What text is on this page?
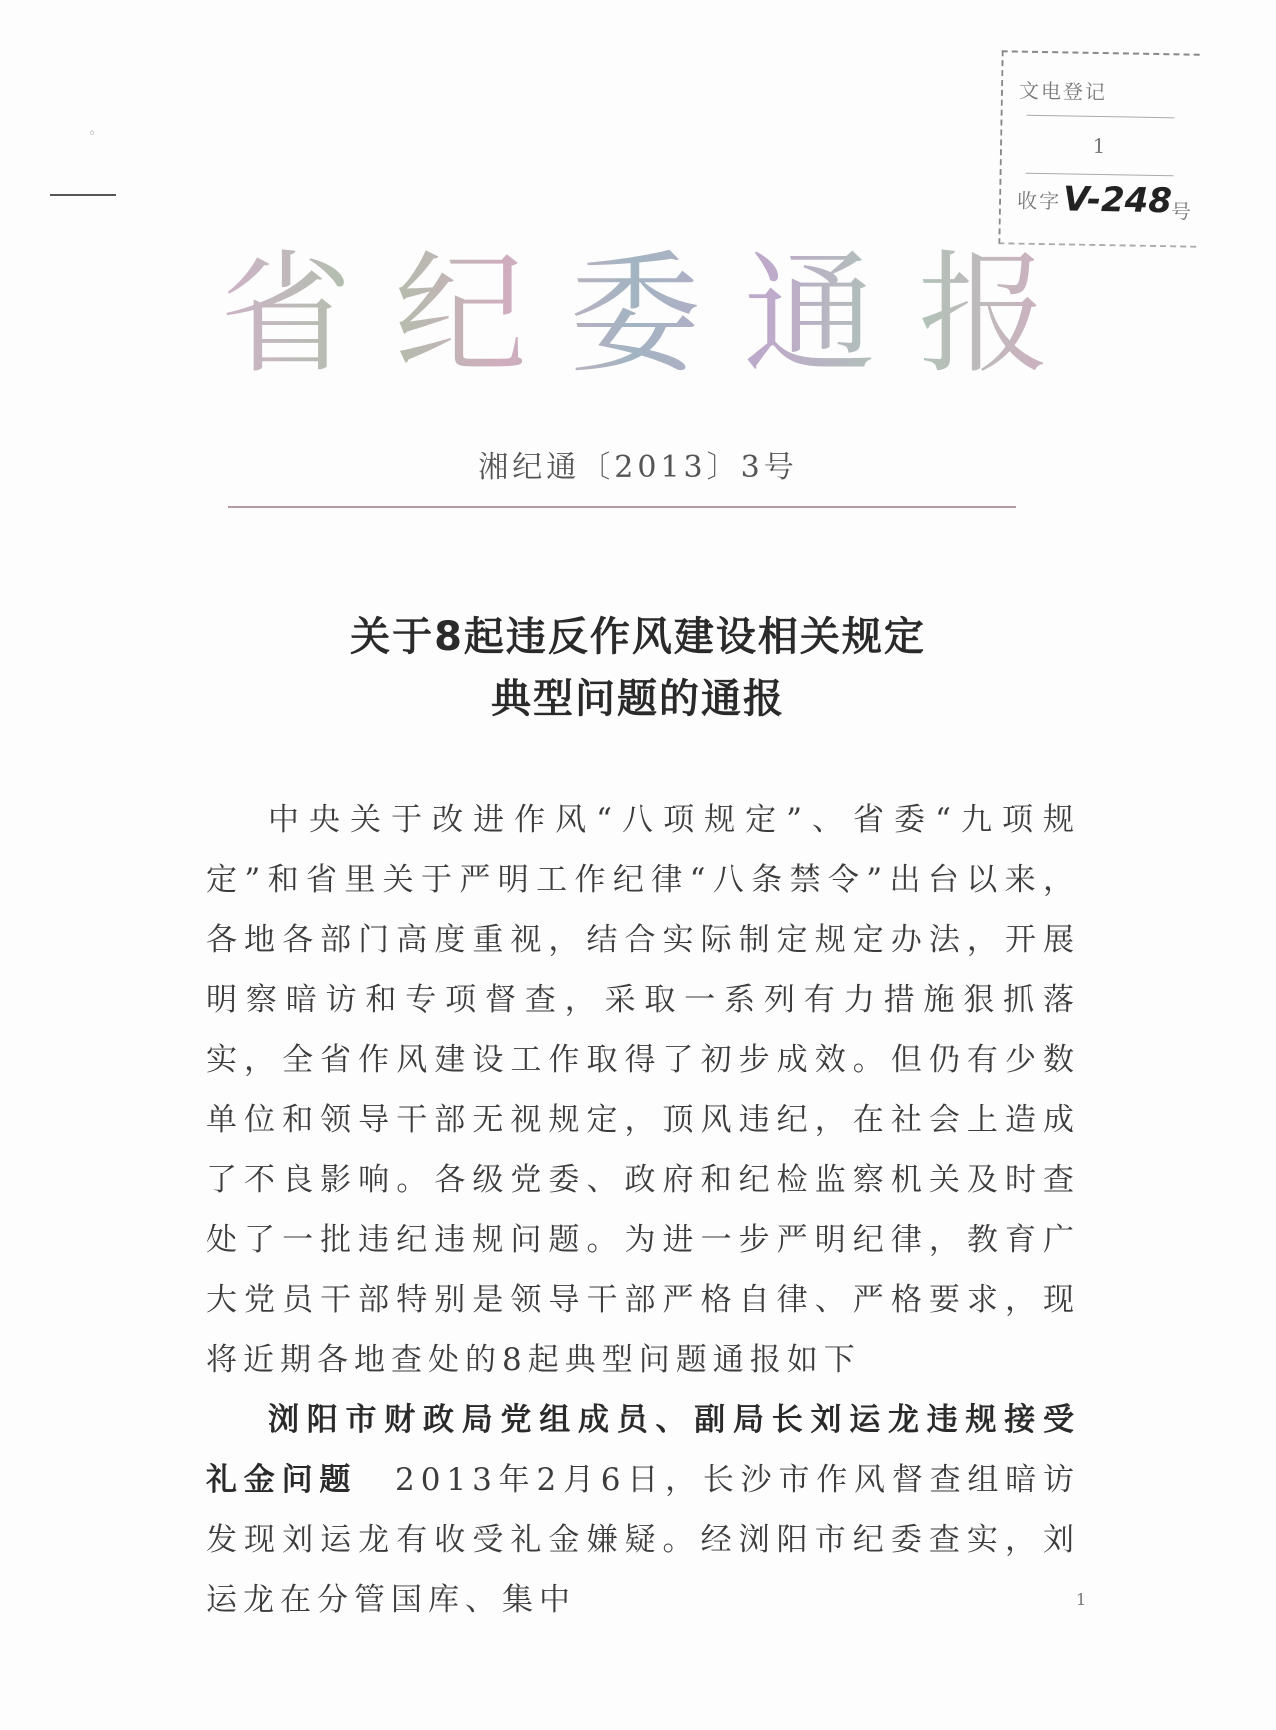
◦
文电登记
1
收字 V-248
号
省 纪 委 通 报
湘纪通〔2013〕3号
关于8起违反作风建设相关规定
典型问题的通报

中央关于改进作风“八项规定”、省委“九项规定”和省里关于严明工作纪律“八条禁令”出台以来，各地各部门高度重视，结合实际制定规定办法，开展明察暗访和专项督查，采取一系列有力措施狠抓落实，全省作风建设工作取得了初步成效。但仍有少数单位和领导干部无视规定，顶风违纪，在社会上造成了不良影响。各级党委、政府和纪检监察机关及时查处了一批违纪违规问题。为进一步严明纪律，教育广大党员干部特别是领导干部严格自律、严格要求，现将近期各地查处的8起典型问题通报如下

浏阳市财政局党组成员、副局长刘运龙违规接受礼金问题　 2013年2月6日，长沙市作风督查组暗访发现刘运龙有收受礼金嫌疑。经浏阳市纪委查实，刘运龙在分管国库、集中	1
